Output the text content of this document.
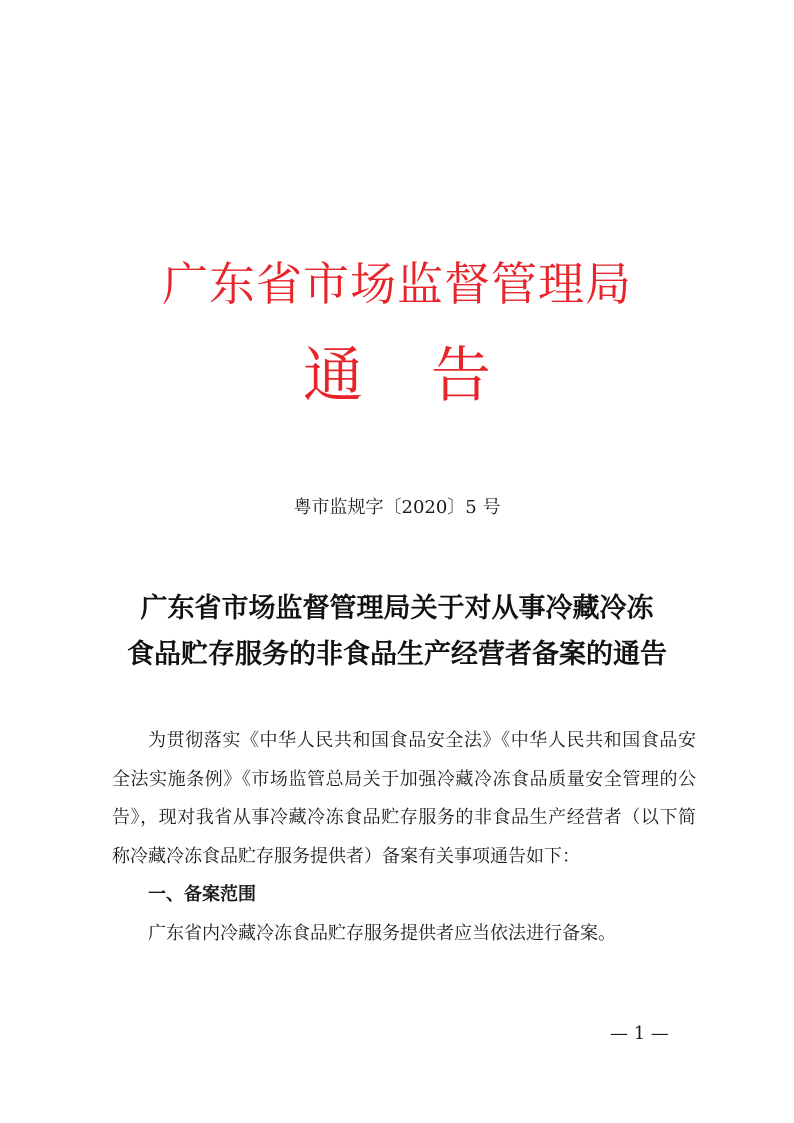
广东省市场监督管理局
通 告
粤市监规字〔2020〕5 号
广东省市场监督管理局关于对从事冷藏冷冻
食品贮存服务的非食品生产经营者备案的通告

为贯彻落实《中华人民共和国食品安全法》《中华人民共和国食品安全法实施条例》《市场监管总局关于加强冷藏冷冻食品质量安全管理的公告》，现对我省从事冷藏冷冻食品贮存服务的非食品生产经营者（以下简称冷藏冷冻食品贮存服务提供者）备案有关事项通告如下：

一、备案范围

广东省内冷藏冷冻食品贮存服务提供者应当依法进行备案。

— 1 —
